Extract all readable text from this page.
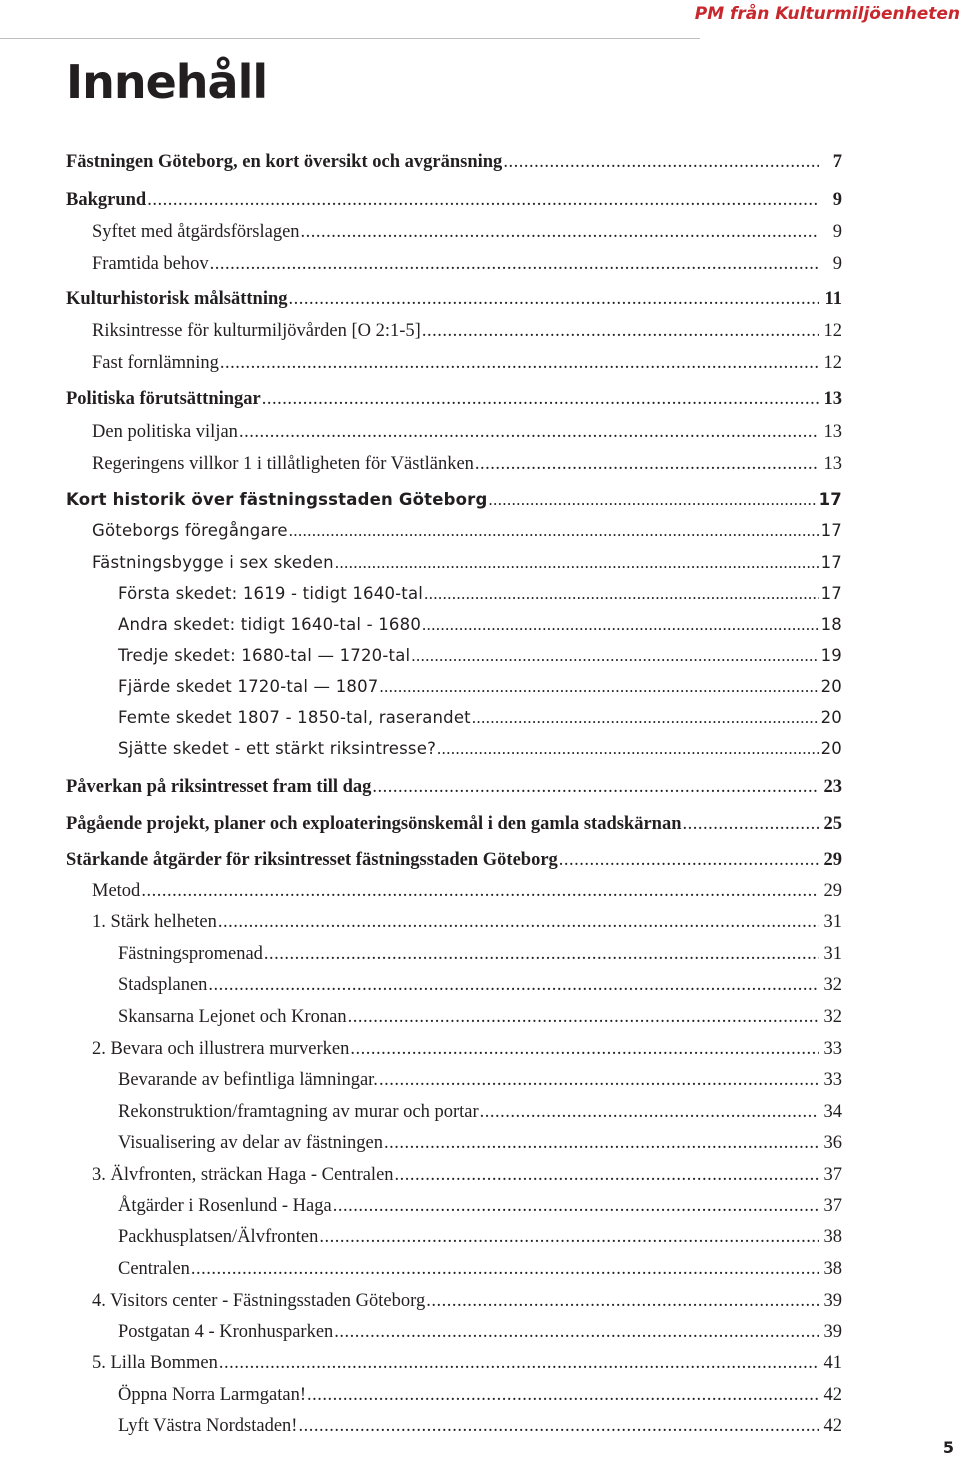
PM från Kulturmiljöenheten
Innehåll
Fästningen Göteborg, en kort översikt och avgränsning .....	7
Bakgrund .....	9
Syftet med åtgärdsförslagen .....	9
Framtida behov .....	9
Kulturhistorisk målsättning .....	11
Riksintresse för kulturmiljövården [O 2:1-5] .....	12
Fast fornlämning .....	12
Politiska förutsättningar .....	13
Den politiska viljan .....	13
Regeringens villkor 1 i tillåtligheten för Västlänken .....	13
Kort historik över fästningsstaden Göteborg .....	17
Göteborgs föregångare .....	17
Fästningsbygge i sex skeden .....	17
Första skedet: 1619 - tidigt 1640-tal .....	17
Andra skedet: tidigt 1640-tal - 1680 .....	18
Tredje skedet: 1680-tal — 1720-tal .....	19
Fjärde skedet 1720-tal — 1807 .....	20
Femte skedet 1807 - 1850-tal, raserandet .....	20
Sjätte skedet - ett stärkt riksintresse? .....	20
Påverkan på riksintresset fram till dag .....	23
Pågående projekt, planer och exploateringsönskemål i den gamla stadskärnan .....	25
Stärkande åtgärder för riksintresset fästningsstaden Göteborg .....	29
Metod .....	29
1. Stärk helheten .....	31
Fästningspromenad .....	31
Stadsplanen .....	32
Skansarna Lejonet och Kronan .....	32
2. Bevara och illustrera murverken .....	33
Bevarande av befintliga lämningar. .....	33
Rekonstruktion/framtagning av murar och portar .....	34
Visualisering av delar av fästningen .....	36
3. Älvfronten, sträckan Haga - Centralen .....	37
Åtgärder i Rosenlund - Haga .....	37
Packhusplatsen/Älvfronten .....	38
Centralen .....	38
4. Visitors center - Fästningsstaden Göteborg .....	39
Postgatan 4 - Kronhusparken .....	39
5. Lilla Bommen .....	41
Öppna Norra Larmgatan! .....	42
Lyft Västra Nordstaden! .....	42
5
